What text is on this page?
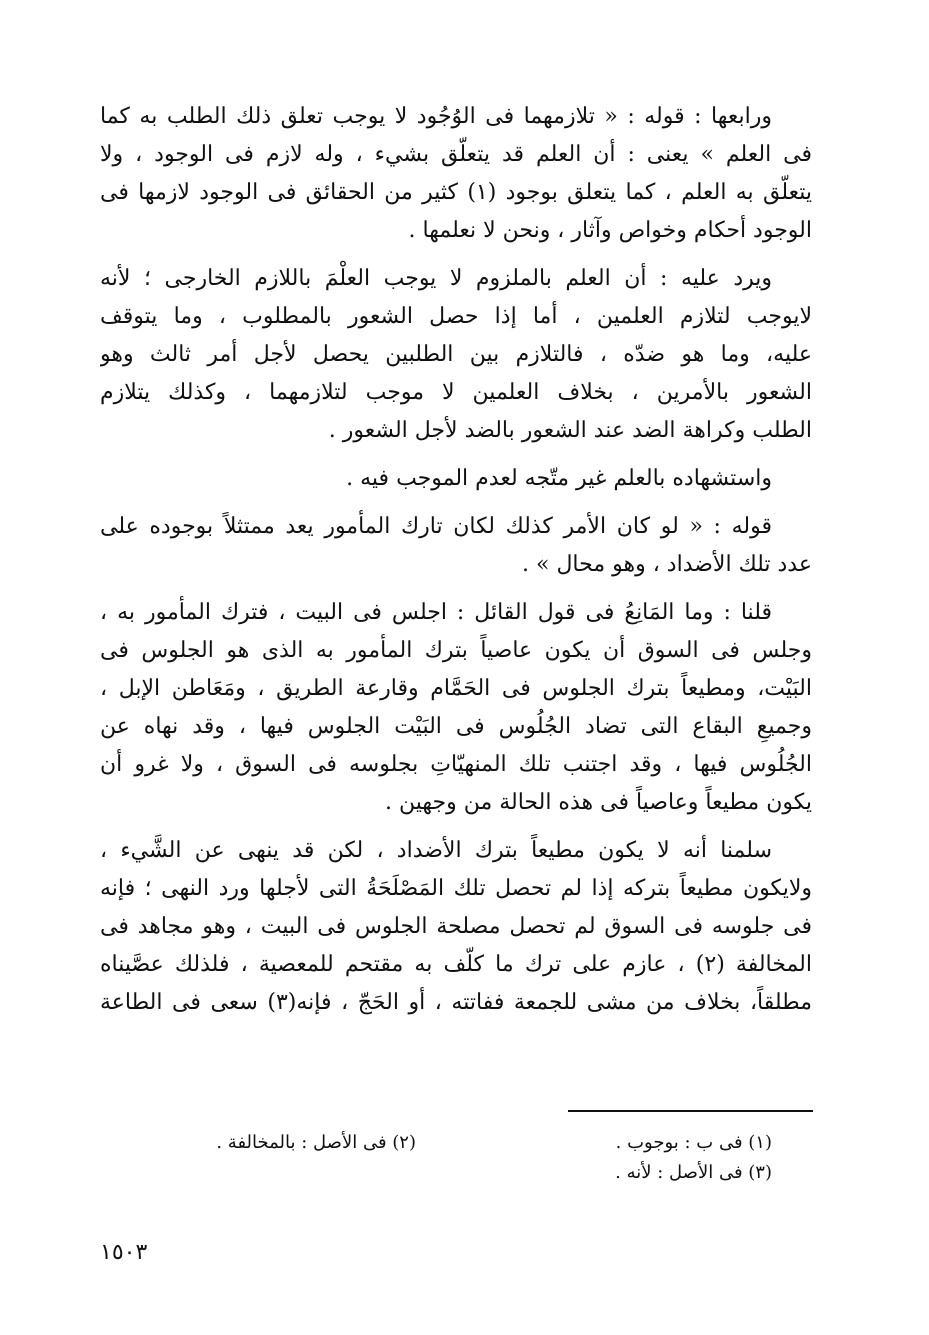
ورابعها : قوله : « تلازمهما فى الوُجُود لا يوجب تعلق ذلك الطلب به كما
فى العلم » يعنى : أن العلم قد يتعلّق بشيء ، وله لازم فى الوجود ، ولا
يتعلّق به العلم ، كما يتعلق بوجود (١) كثير من الحقائق فى الوجود لازمها فى
الوجود أحكام وخواص وآثار ، ونحن لا نعلمها .
ويرد عليه : أن العلم بالملزوم لا يوجب العلْمَ باللازم الخارجى ؛ لأنه
لايوجب لتلازم العلمين ، أما إذا حصل الشعور بالمطلوب ، وما يتوقف
عليه، وما هو ضدّه ، فالتلازم بين الطلبين يحصل لأجل أمر ثالث وهو
الشعور بالأمرين ، بخلاف العلمين لا موجب لتلازمهما ، وكذلك يتلازم
الطلب وكراهة الضد عند الشعور بالضد لأجل الشعور .
واستشهاده بالعلم غير متّجه لعدم الموجب فيه .
قوله : « لو كان الأمر كذلك لكان تارك المأمور يعد ممتثلاً بوجوده على
عدد تلك الأضداد ، وهو محال » .
قلنا : وما المَانِعُ فى قول القائل : اجلس فى البيت ، فترك المأمور به ،
وجلس فى السوق أن يكون عاصياً بترك المأمور به الذى هو الجلوس فى
البَيْت، ومطيعاً بترك الجلوس فى الحَمَّام وقارعة الطريق ، ومَعَاطن الإبل ،
وجميعِ البقاع التى تضاد الجُلُوس فى البَيْت الجلوس فيها ، وقد نهاه عن
الجُلُوس فيها ، وقد اجتنب تلك المنهيّاتِ بجلوسه فى السوق ، ولا غرو أن
يكون مطيعاً وعاصياً فى هذه الحالة من وجهين .
سلمنا أنه لا يكون مطيعاً بترك الأضداد ، لكن قد ينهى عن الشَّيء ،
ولايكون مطيعاً بتركه إذا لم تحصل تلك المَصْلَحَةُ التى لأجلها ورد النهى ؛ فإنه
فى جلوسه فى السوق لم تحصل مصلحة الجلوس فى البيت ، وهو مجاهد فى
المخالفة (٢) ، عازم على ترك ما كلّف به مقتحم للمعصية ، فلذلك عصَّيناه
مطلقاً، بخلاف من مشى للجمعة ففاتته ، أو الحَجّ ، فإنه(٣) سعى فى الطاعة
(١) فى ب : بوجوب .
(٢) فى الأصل : بالمخالفة .
(٣) فى الأصل : لأنه .
١٥٠٣
